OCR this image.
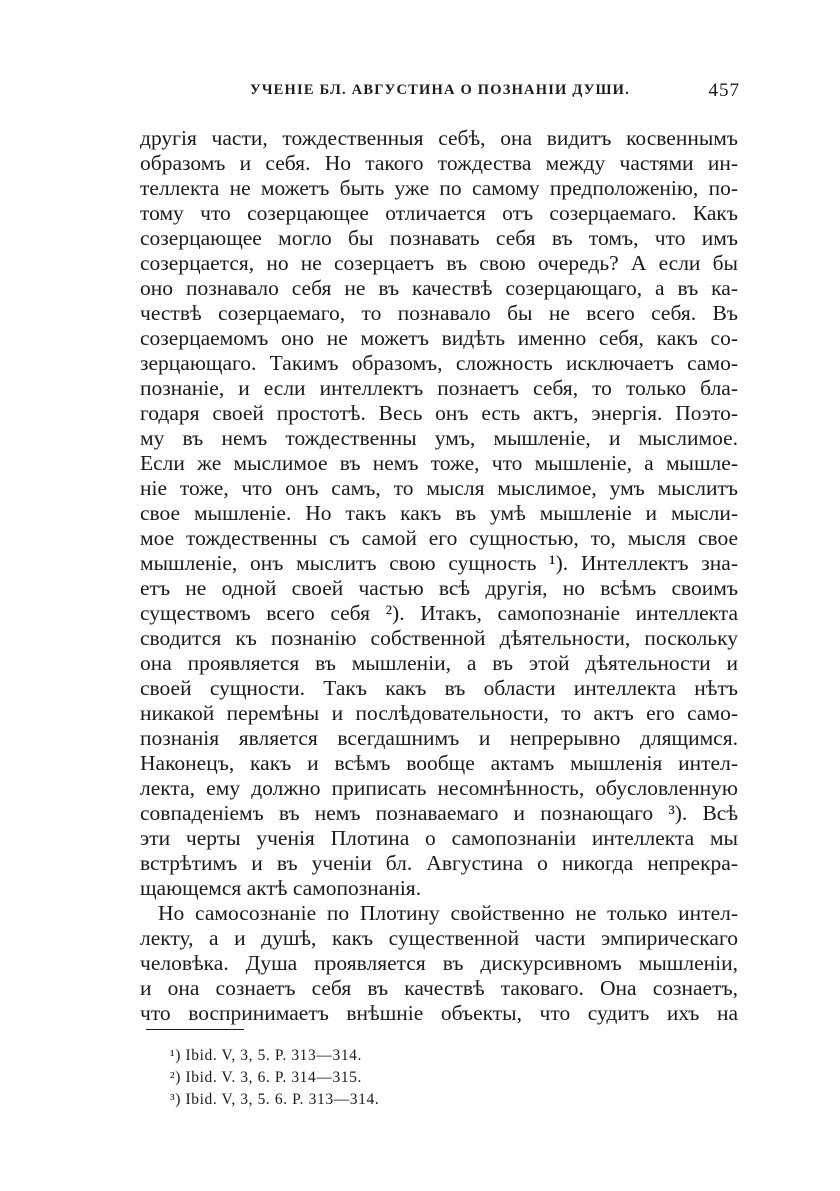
УЧЕНІЕ БЛ. АВГУСТИНА О ПОЗНАНІИ ДУШИ.	457
другія части, тождественныя себѣ, она видитъ косвеннымъ
образомъ и себя. Но такого тождества между частями ин-
теллекта не можетъ быть уже по самому предположенію, по-
тому что созерцающее отличается отъ созерцаемаго. Какъ
созерцающее могло бы познавать себя въ томъ, что имъ
созерцается, но не созерцаетъ въ свою очередь? А если бы
оно познавало себя не въ качествѣ созерцающаго, а въ ка-
чествѣ созерцаемаго, то познавало бы не всего себя. Въ
созерцаемомъ оно не можетъ видѣть именно себя, какъ со-
зерцающаго. Такимъ образомъ, сложность исключаетъ само-
познаніе, и если интеллектъ познаетъ себя, то только бла-
годаря своей простотѣ. Весь онъ есть актъ, энергія. Поэто-
му въ немъ тождественны умъ, мышленіе, и мыслимое.
Если же мыслимое въ немъ тоже, что мышленіе, а мышле-
ніе тоже, что онъ самъ, то мысля мыслимое, умъ мыслитъ
свое мышленіе. Но такъ какъ въ умѣ мышленіе и мысли-
мое тождественны съ самой его сущностью, то, мысля свое
мышленіе, онъ мыслитъ свою сущность ¹). Интеллектъ зна-
етъ не одной своей частью всѣ другія, но всѣмъ своимъ
существомъ всего себя ²). Итакъ, самопознаніе интеллекта
сводится къ познанію собственной дѣятельности, поскольку
она проявляется въ мышленіи, а въ этой дѣятельности и
своей сущности. Такъ какъ въ области интеллекта нѣтъ
никакой перемѣны и послѣдовательности, то актъ его само-
познанія является всегдашнимъ и непрерывно длящимся.
Наконецъ, какъ и всѣмъ вообще актамъ мышленія интел-
лекта, ему должно приписать несомнѣнность, обусловленную
совпаденіемъ въ немъ познаваемаго и познающаго ³). Всѣ
эти черты ученія Плотина о самопознаніи интеллекта мы
встрѣтимъ и въ ученіи бл. Августина о никогда непрекра-
щающемся актѣ самопознанія.
Но самосознаніе по Плотину свойственно не только интел-
лекту, а и душѣ, какъ существенной части эмпирическаго
человѣка. Душа проявляется въ дискурсивномъ мышленіи,
и она сознаетъ себя въ качествѣ таковаго. Она сознаетъ,
что воспринимаетъ внѣшніе объекты, что судитъ ихъ на
¹) Ibid. V, 3, 5. P. 313—314.
²) Ibid. V. 3, 6. P. 314—315.
³) Ibid. V, 3, 5. 6. P. 313—314.
